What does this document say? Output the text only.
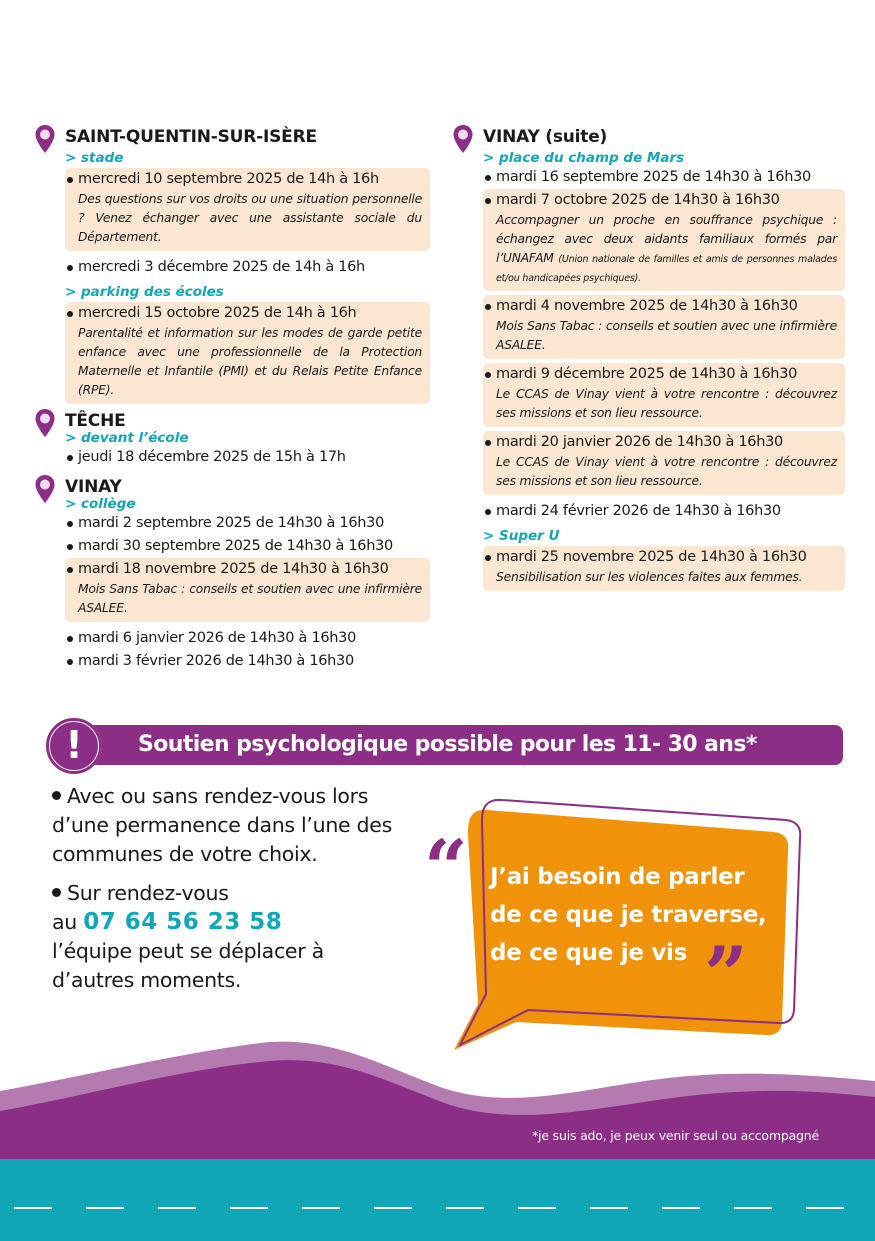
SAINT-QUENTIN-SUR-ISÈRE
> stade
mercredi 10 septembre 2025 de 14h à 16h
Des questions sur vos droits ou une situation personnelle ? Venez échanger avec une assistante sociale du Département.
mercredi 3 décembre 2025 de 14h à 16h
> parking des écoles
mercredi 15 octobre 2025 de 14h à 16h
Parentalité et information sur les modes de garde petite enfance avec une professionnelle de la Protection Maternelle et Infantile (PMI) et du Relais Petite Enfance (RPE).
TÊCHE
> devant l’école
jeudi 18 décembre 2025 de 15h à 17h
VINAY
> collège
mardi 2 septembre 2025 de 14h30 à 16h30
mardi 30 septembre 2025 de 14h30 à 16h30
mardi 18 novembre 2025 de 14h30 à 16h30
Mois Sans Tabac : conseils et soutien avec une infirmière ASALEE.
mardi 6 janvier 2026 de 14h30 à 16h30
mardi 3 février 2026 de 14h30 à 16h30
VINAY (suite)
> place du champ de Mars
mardi 16 septembre 2025 de 14h30 à 16h30
mardi 7 octobre 2025 de 14h30 à 16h30
Accompagner un proche en souffrance psychique : échangez avec deux aidants familiaux formés par l’UNAFAM (Union nationale de familles et amis de personnes malades et/ou handicapées psychiques).
mardi 4 novembre 2025 de 14h30 à 16h30
Mois Sans Tabac : conseils et soutien avec une infirmière ASALEE.
mardi 9 décembre 2025 de 14h30 à 16h30
Le CCAS de Vinay vient à votre rencontre : découvrez ses missions et son lieu ressource.
mardi 20 janvier 2026 de 14h30 à 16h30
Le CCAS de Vinay vient à votre rencontre : découvrez ses missions et son lieu ressource.
mardi 24 février 2026 de 14h30 à 16h30
> Super U
mardi 25 novembre 2025 de 14h30 à 16h30
Sensibilisation sur les violences faites aux femmes.
!	Soutien psychologique possible pour les 11- 30 ans*

Avec ou sans rendez-vous lors d’une permanence dans l’une des communes de votre choix.

Sur rendez-vous
au 07 64 56 23 58
l’équipe peut se déplacer à d’autres moments.

“ J’ai besoin de parler
de ce que je traverse,
de ce que je vis ”
*je suis ado, je peux venir seul ou accompagné
